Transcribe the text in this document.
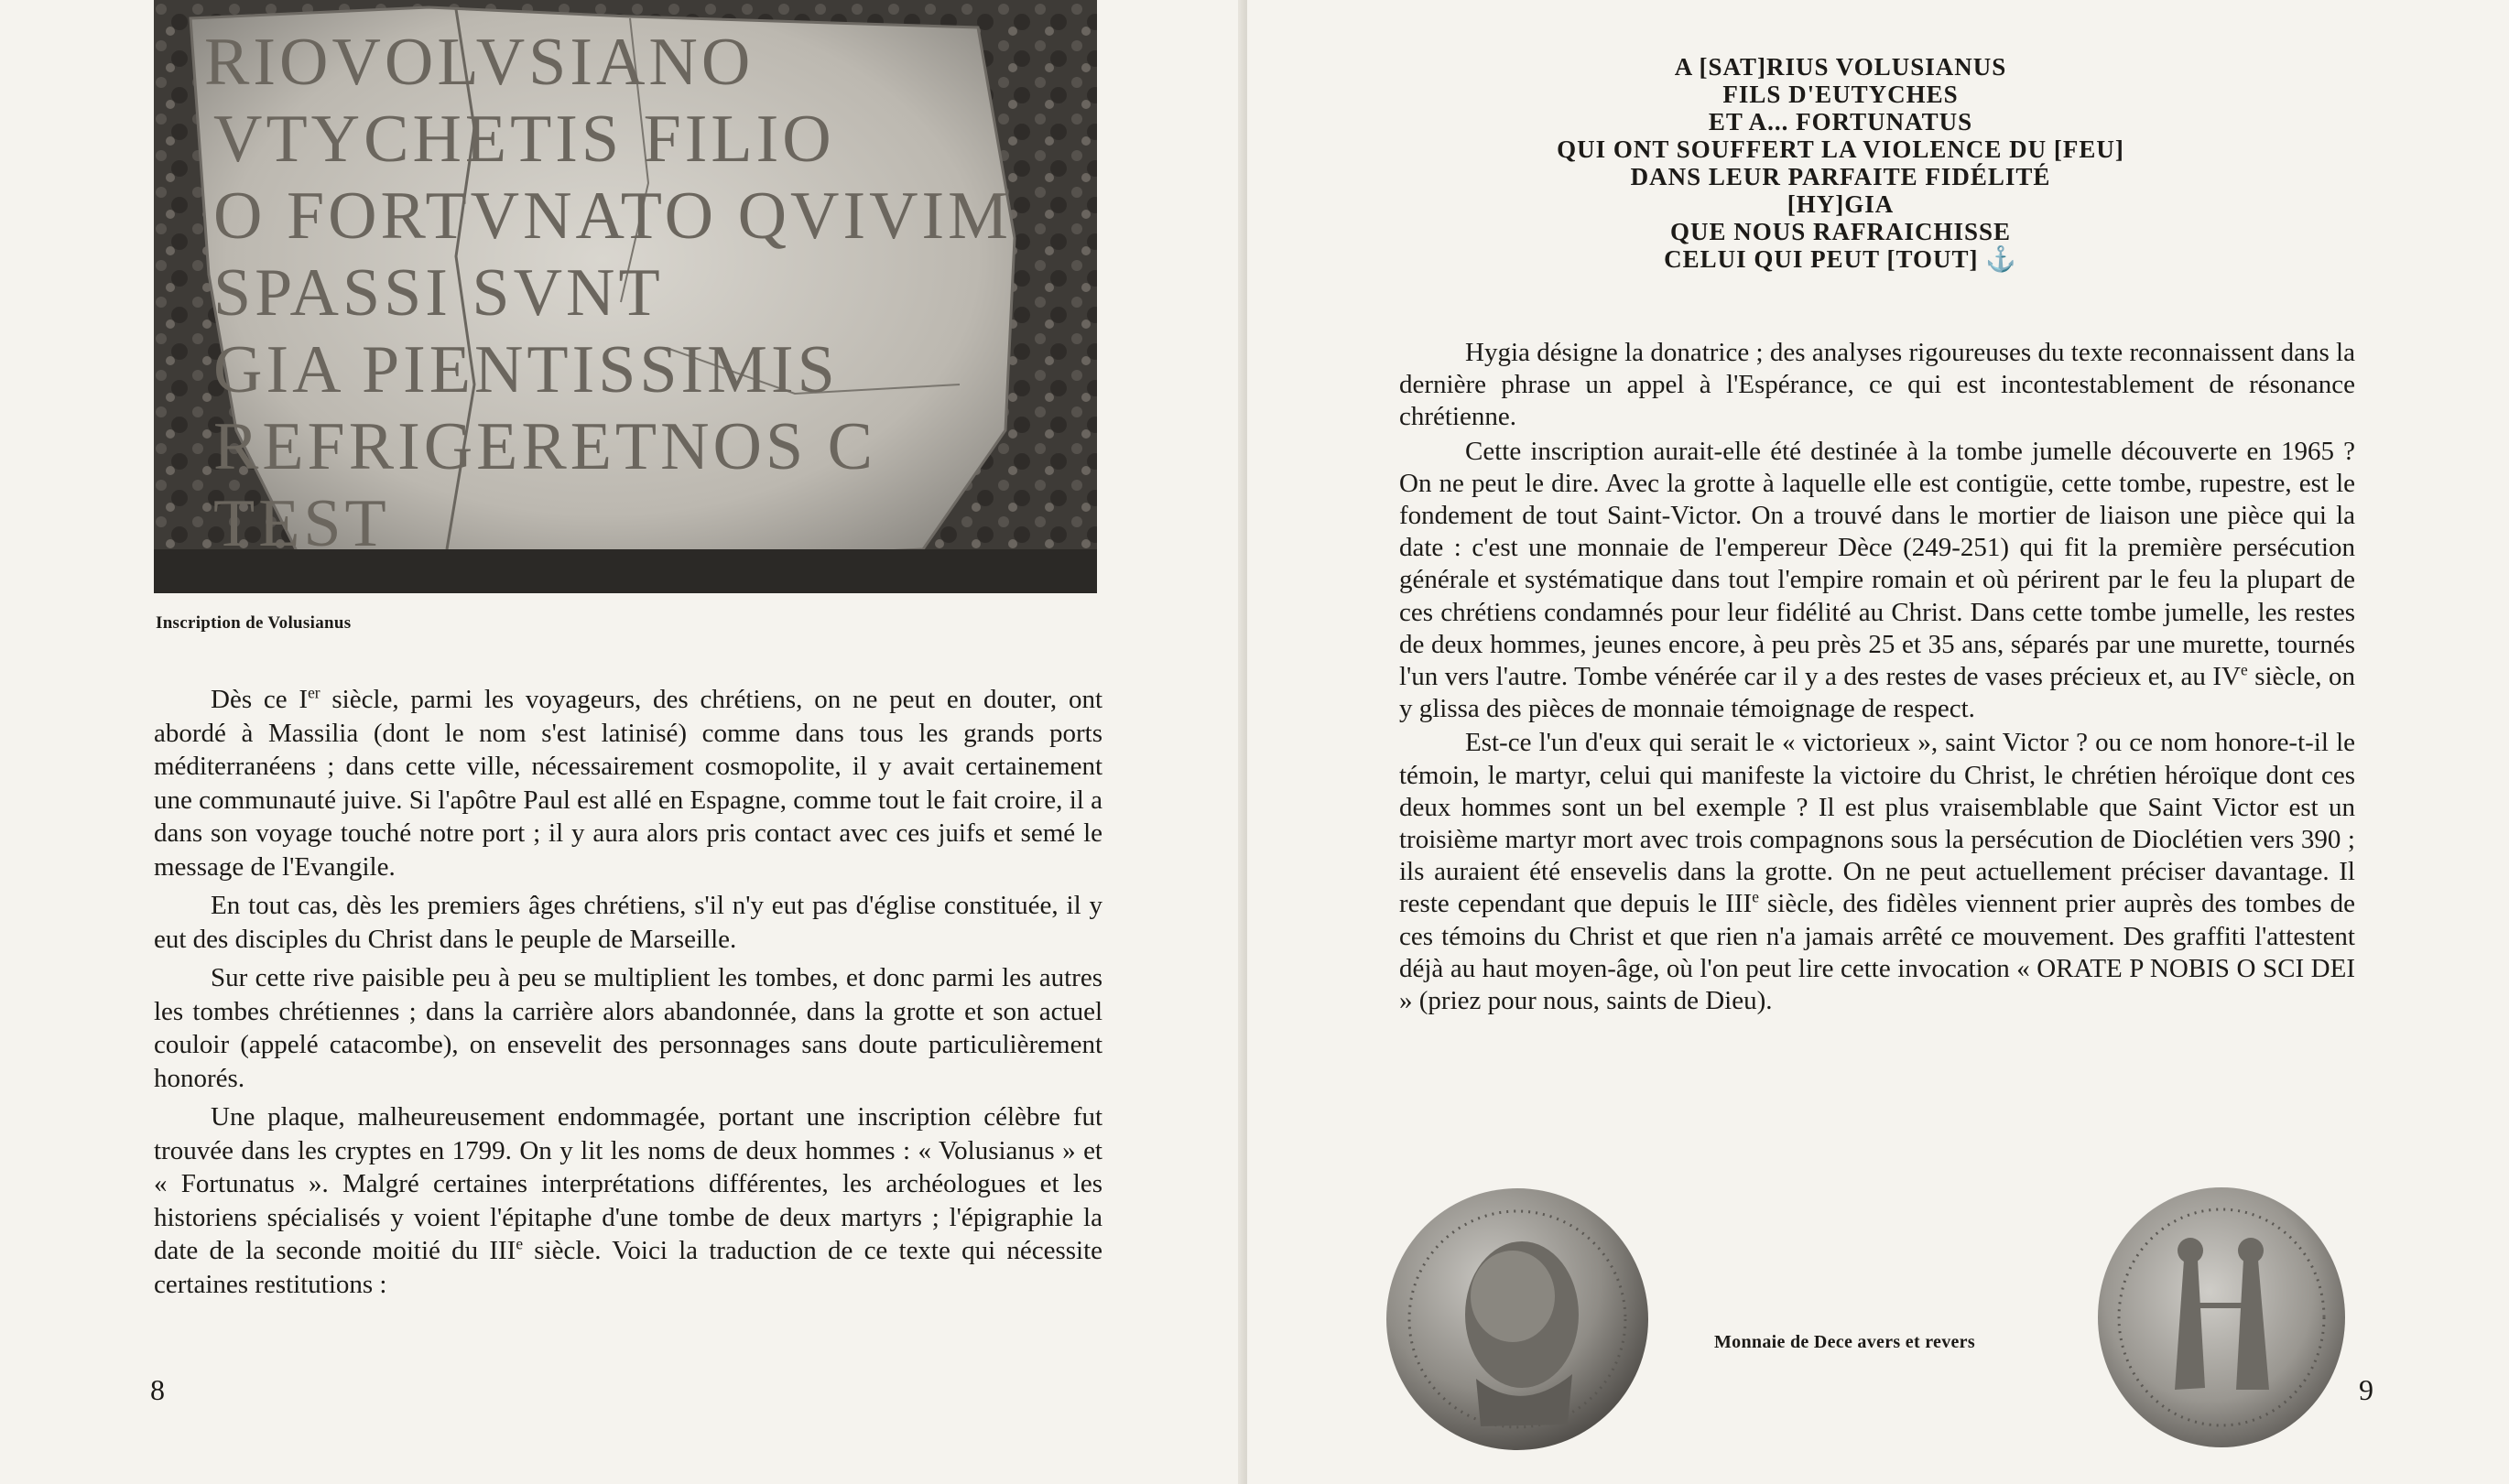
RIOVOLVSIANO
VTYCHETIS FILIO
O FORTVNATO QVIVIM
SPASSI SVNT
GIA PIENTISSIMIS
REFRIGERETNOS C
TEST
Inscription de Volusianus

Dès ce Ier siècle, parmi les voyageurs, des chrétiens, on ne peut en douter, ont abordé à Massilia (dont le nom s'est latinisé) comme dans tous les grands ports méditerranéens ; dans cette ville, nécessairement cosmopolite, il y avait certainement une communauté juive. Si l'apôtre Paul est allé en Espagne, comme tout le fait croire, il a dans son voyage touché notre port ; il y aura alors pris contact avec ces juifs et semé le message de l'Evangile.

En tout cas, dès les premiers âges chrétiens, s'il n'y eut pas d'église constituée, il y eut des disciples du Christ dans le peuple de Marseille.

Sur cette rive paisible peu à peu se multiplient les tombes, et donc parmi les autres les tombes chrétiennes ; dans la carrière alors abandonnée, dans la grotte et son actuel couloir (appelé catacombe), on ensevelit des personnages sans doute particulièrement honorés.

Une plaque, malheureusement endommagée, portant une inscription célèbre fut trouvée dans les cryptes en 1799. On y lit les noms de deux hommes : « Volusianus » et « Fortunatus ». Malgré certaines interprétations différentes, les archéologues et les historiens spécialisés y voient l'épitaphe d'une tombe de deux martyrs ; l'épigraphie la date de la seconde moitié du IIIe siècle. Voici la traduction de ce texte qui nécessite certaines restitutions :

8
A [SAT]RIUS VOLUSIANUS
FILS D'EUTYCHES
ET A... FORTUNATUS
QUI ONT SOUFFERT LA VIOLENCE DU [FEU]
DANS LEUR PARFAITE FIDÉLITÉ
[HY]GIA
QUE NOUS RAFRAICHISSE
CELUI QUI PEUT [TOUT] ⚓

Hygia désigne la donatrice ; des analyses rigoureuses du texte reconnaissent dans la dernière phrase un appel à l'Espérance, ce qui est incontestablement de résonance chrétienne.

Cette inscription aurait-elle été destinée à la tombe jumelle découverte en 1965 ? On ne peut le dire. Avec la grotte à laquelle elle est contigüe, cette tombe, rupestre, est le fondement de tout Saint-Victor. On a trouvé dans le mortier de liaison une pièce qui la date : c'est une monnaie de l'empereur Dèce (249-251) qui fit la première persécution générale et systématique dans tout l'empire romain et où périrent par le feu la plupart de ces chrétiens condamnés pour leur fidélité au Christ. Dans cette tombe jumelle, les restes de deux hommes, jeunes encore, à peu près 25 et 35 ans, séparés par une murette, tournés l'un vers l'autre. Tombe vénérée car il y a des restes de vases précieux et, au IVe siècle, on y glissa des pièces de monnaie témoignage de respect.

Est-ce l'un d'eux qui serait le « victorieux », saint Victor ? ou ce nom honore-t-il le témoin, le martyr, celui qui manifeste la victoire du Christ, le chrétien héroïque dont ces deux hommes sont un bel exemple ? Il est plus vraisemblable que Saint Victor est un troisième martyr mort avec trois compagnons sous la persécution de Dioclétien vers 390 ; ils auraient été ensevelis dans la grotte. On ne peut actuellement préciser davantage. Il reste cependant que depuis le IIIe siècle, des fidèles viennent prier auprès des tombes de ces témoins du Christ et que rien n'a jamais arrêté ce mouvement. Des graffiti l'attestent déjà au haut moyen-âge, où l'on peut lire cette invocation « ORATE P NOBIS O SCI DEI » (priez pour nous, saints de Dieu).

Monnaie de Dece avers et revers
9
